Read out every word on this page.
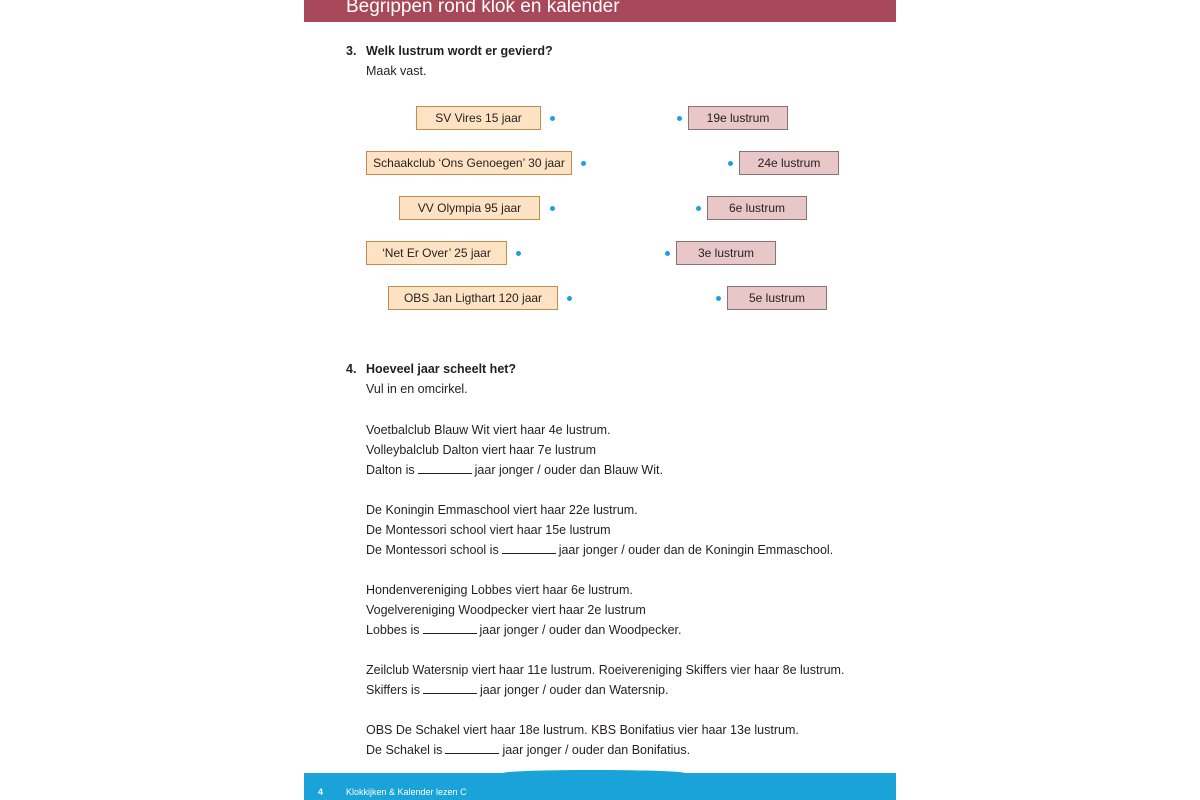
Begrippen rond klok en kalender
3. Welk lustrum wordt er gevierd?
Maak vast.
SV Vires 15 jaar
Schaakclub ‘Ons Genoegen’ 30 jaar
VV Olympia 95 jaar
‘Net Er Over’ 25 jaar
OBS Jan Ligthart 120 jaar
19e lustrum
24e lustrum
6e lustrum
3e lustrum
5e lustrum
4. Hoeveel jaar scheelt het?
Vul in en omcirkel.
Voetbalclub Blauw Wit viert haar 4e lustrum.
Volleybalclub Dalton viert haar 7e lustrum
Dalton is	jaar jonger / ouder dan Blauw Wit.
De Koningin Emmaschool viert haar 22e lustrum.
De Montessori school viert haar 15e lustrum
De Montessori school is	jaar jonger / ouder dan de Koningin Emmaschool.
Hondenvereniging Lobbes viert haar 6e lustrum.
Vogelvereniging Woodpecker viert haar 2e lustrum
Lobbes is	jaar jonger / ouder dan Woodpecker.
Zeilclub Watersnip viert haar 11e lustrum. Roeivereniging Skiffers vier haar 8e lustrum.
Skiffers is	jaar jonger / ouder dan Watersnip.
OBS De Schakel viert haar 18e lustrum. KBS Bonifatius vier haar 13e lustrum.
De Schakel is	jaar jonger / ouder dan Bonifatius.
4	Klokkijken & Kalender lezen C
